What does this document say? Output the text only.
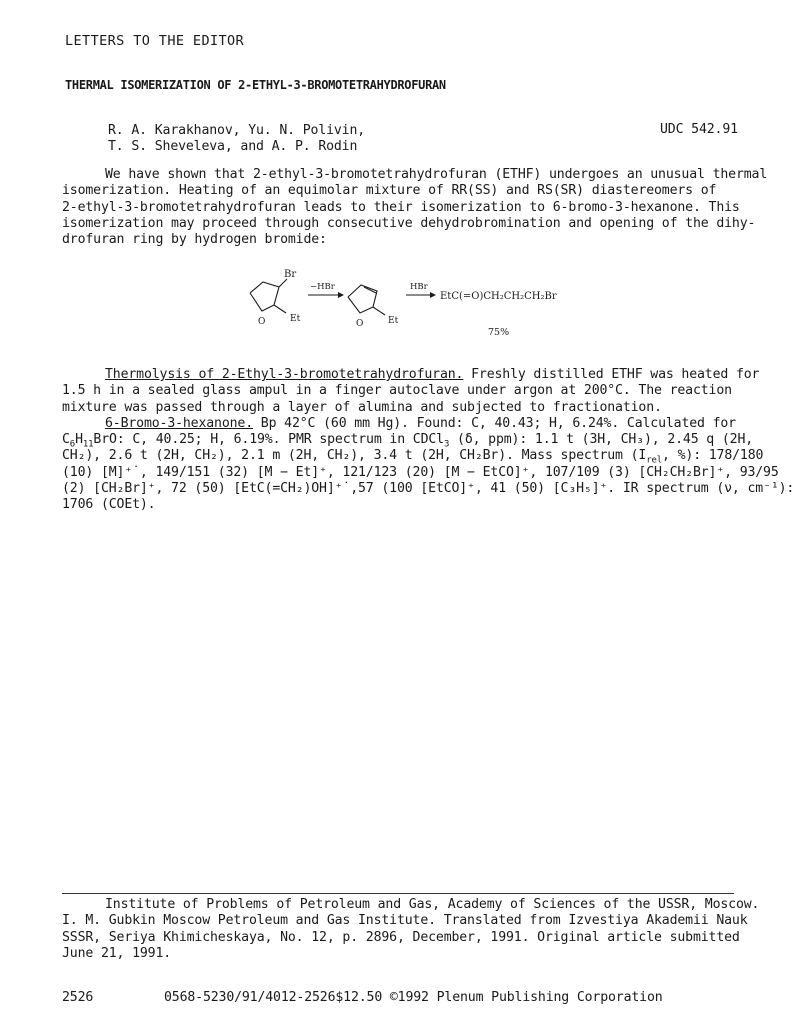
LETTERS TO THE EDITOR
THERMAL ISOMERIZATION OF 2-ETHYL-3-BROMOTETRAHYDROFURAN
R. A. Karakhanov, Yu. N. Polivin,
T. S. Sheveleva, and A. P. Rodin
UDC 542.91
We have shown that 2-ethyl-3-bromotetrahydrofuran (ETHF) undergoes an unusual thermal
isomerization. Heating of an equimolar mixture of RR(SS) and RS(SR) diastereomers of
2-ethyl-3-bromotetrahydrofuran leads to their isomerization to 6-bromo-3-hexanone. This
isomerization may proceed through consecutive dehydrobromination and opening of the dihy-
drofuran ring by hydrogen bromide:
Br
O	Et
−HBr
O	Et
HBr
EtC(=O)CH₂CH₂CH₂Br
75%
Thermolysis of 2-Ethyl-3-bromotetrahydrofuran. Freshly distilled ETHF was heated for
1.5 h in a sealed glass ampul in a finger autoclave under argon at 200°C. The reaction
mixture was passed through a layer of alumina and subjected to fractionation.
6-Bromo-3-hexanone. Bp 42°C (60 mm Hg). Found: C, 40.43; H, 6.24%. Calculated for
$C_6H_{11}BrO$: C, 40.25; H, 6.19%. PMR spectrum in CDCl$_3$ (δ, ppm): 1.1 t (3H, CH₃), 2.45 q (2H,
CH₂), 2.6 t (2H, CH₂), 2.1 m (2H, CH₂), 3.4 t (2H, CH₂Br). Mass spectrum ($I_{rel}$, %): 178/180
(10) [M]⁺˙, 149/151 (32) [M − Et]⁺, 121/123 (20) [M − EtCO]⁺, 107/109 (3) [CH₂CH₂Br]⁺, 93/95
(2) [CH₂Br]⁺, 72 (50) [EtC(=CH₂)OH]⁺˙,57 (100 [EtCO]⁺, 41 (50) [C₃H₅]⁺. IR spectrum (ν, cm⁻¹):
1706 (COEt).
Institute of Problems of Petroleum and Gas, Academy of Sciences of the USSR, Moscow.
I. M. Gubkin Moscow Petroleum and Gas Institute. Translated from Izvestiya Akademii Nauk
SSSR, Seriya Khimicheskaya, No. 12, p. 2896, December, 1991. Original article submitted
June 21, 1991.
2526	0568-5230/91/4012-2526$12.50 ©1992 Plenum Publishing Corporation
